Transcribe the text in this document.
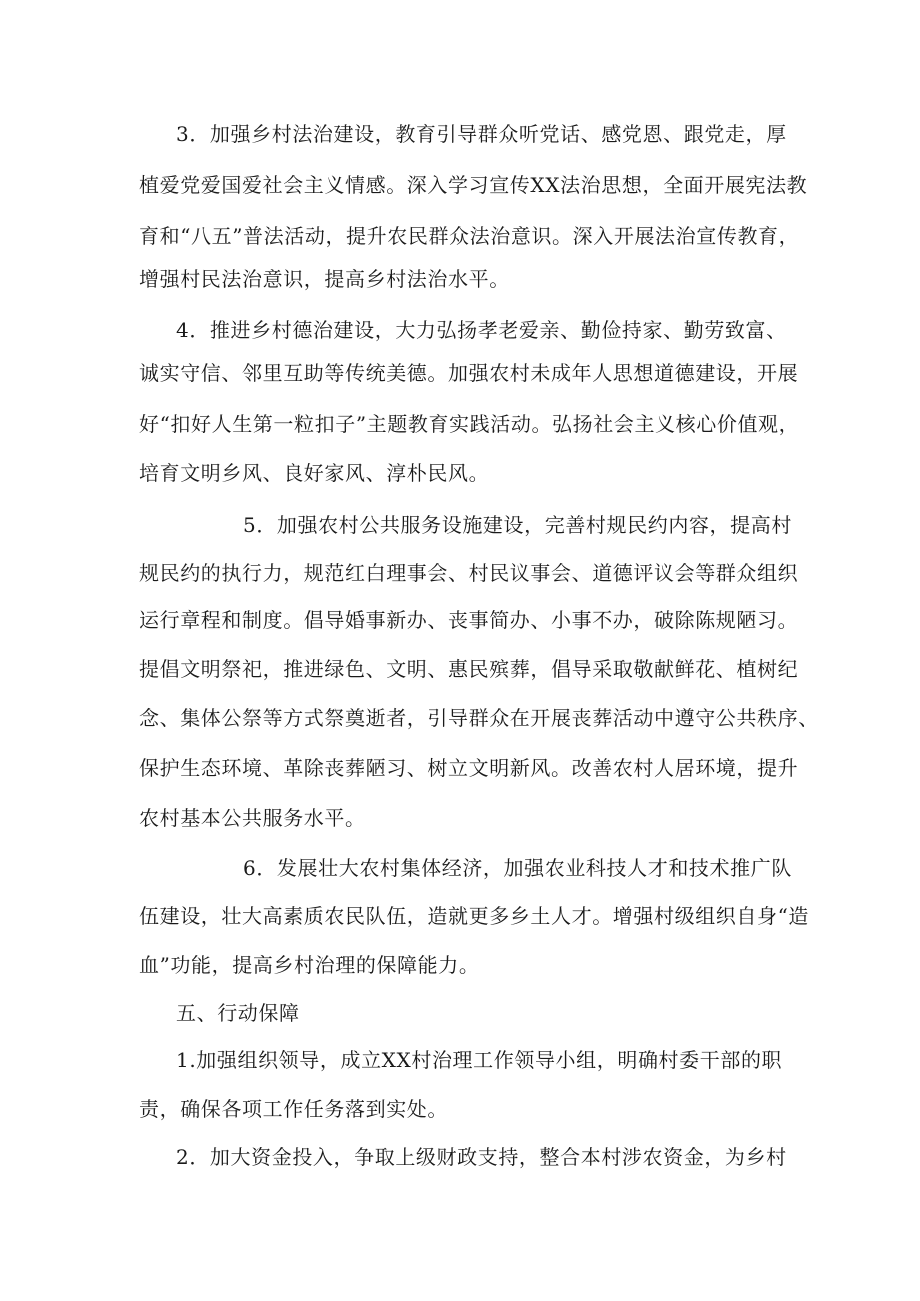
3．加强乡村法治建设，教育引导群众听党话、感党恩、跟党走，厚
植爱党爱国爱社会主义情感。深入学习宣传XX法治思想，全面开展宪法教
育和“八五”普法活动，提升农民群众法治意识。深入开展法治宣传教育，
增强村民法治意识，提高乡村法治水平。
4．推进乡村德治建设，大力弘扬孝老爱亲、勤俭持家、勤劳致富、
诚实守信、邻里互助等传统美德。加强农村未成年人思想道德建设，开展
好“扣好人生第一粒扣子”主题教育实践活动。弘扬社会主义核心价值观，
培育文明乡风、良好家风、淳朴民风。
5．加强农村公共服务设施建设，完善村规民约内容，提高村
规民约的执行力，规范红白理事会、村民议事会、道德评议会等群众组织
运行章程和制度。倡导婚事新办、丧事简办、小事不办，破除陈规陋习。
提倡文明祭祀，推进绿色、文明、惠民殡葬，倡导采取敬献鲜花、植树纪
念、集体公祭等方式祭奠逝者，引导群众在开展丧葬活动中遵守公共秩序、
保护生态环境、革除丧葬陋习、树立文明新风。改善农村人居环境，提升
农村基本公共服务水平。
6．发展壮大农村集体经济，加强农业科技人才和技术推广队
伍建设，壮大高素质农民队伍，造就更多乡土人才。增强村级组织自身“造
血”功能，提高乡村治理的保障能力。
五、行动保障
1.加强组织领导，成立XX村治理工作领导小组，明确村委干部的职
责，确保各项工作任务落到实处。
2．加大资金投入，争取上级财政支持，整合本村涉农资金，为乡村
